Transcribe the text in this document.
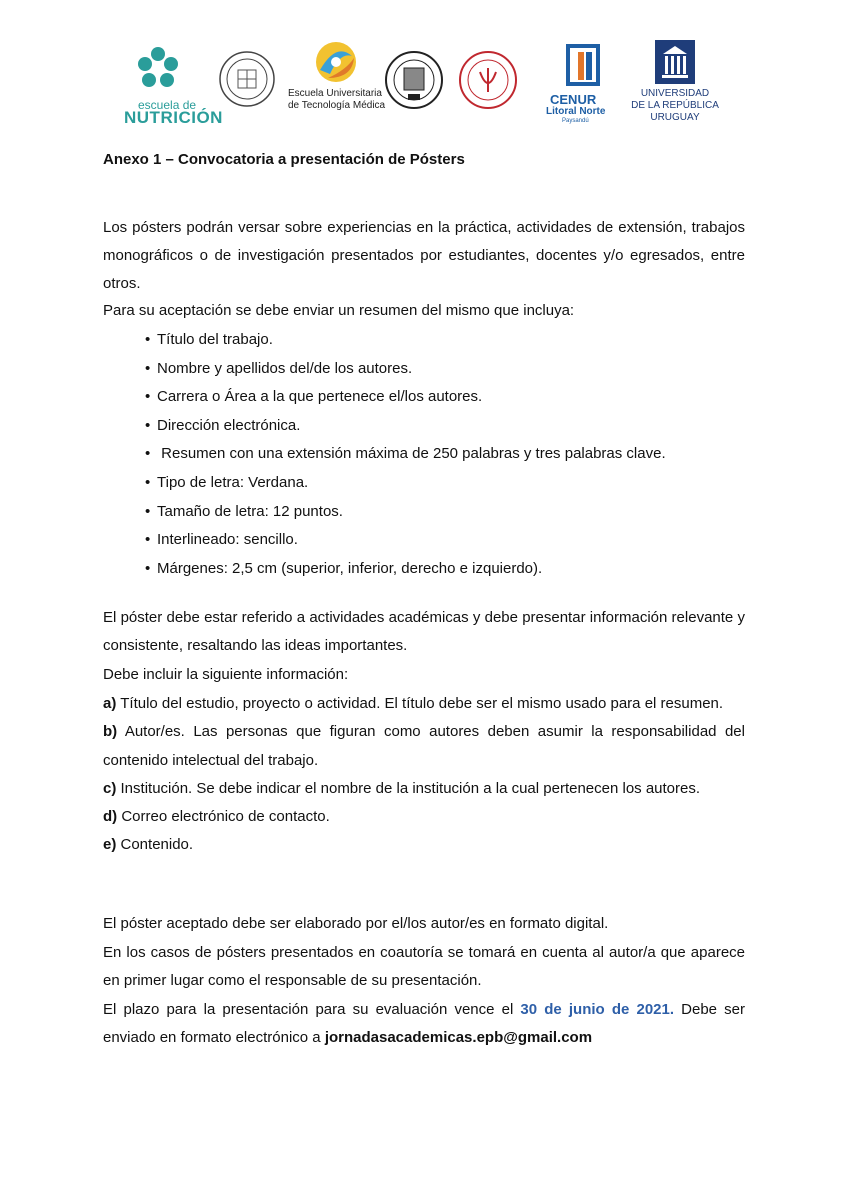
escuela de
NUTRICIÓN
Escuela Universitaria
de Tecnología Médica	CENUR
Litoral Norte
Paysandú
UNIVERSIDAD
DE LA REPÚBLICA
URUGUAY
Anexo 1 – Convocatoria a presentación de Pósters

Los pósters podrán versar sobre experiencias en la práctica, actividades de extensión, trabajos monográficos o de investigación presentados por estudiantes, docentes y/o egresados, entre otros.

Para su aceptación se debe enviar un resumen del mismo que incluya:

• Título del trabajo.
• Nombre y apellidos del/de los autores.
• Carrera o Área a la que pertenece el/los autores.
• Dirección electrónica.
• Resumen con una extensión máxima de 250 palabras y tres palabras clave.
• Tipo de letra: Verdana.
• Tamaño de letra: 12 puntos.
• Interlineado: sencillo.
• Márgenes: 2,5 cm (superior, inferior, derecho e izquierdo).

El póster debe estar referido a actividades académicas y debe presentar información relevante y consistente, resaltando las ideas importantes.

Debe incluir la siguiente información:

a) Título del estudio, proyecto o actividad. El título debe ser el mismo usado para el resumen.
b) Autor/es. Las personas que figuran como autores deben asumir la responsabilidad del contenido intelectual del trabajo.
c) Institución. Se debe indicar el nombre de la institución a la cual pertenecen los autores.
d) Correo electrónico de contacto.
e) Contenido.

El póster aceptado debe ser elaborado por el/los autor/es en formato digital.

En los casos de pósters presentados en coautoría se tomará en cuenta al autor/a que aparece en primer lugar como el responsable de su presentación.

El plazo para la presentación para su evaluación vence el 30 de junio de 2021. Debe ser enviado en formato electrónico a jornadasacademicas.epb@gmail.com
